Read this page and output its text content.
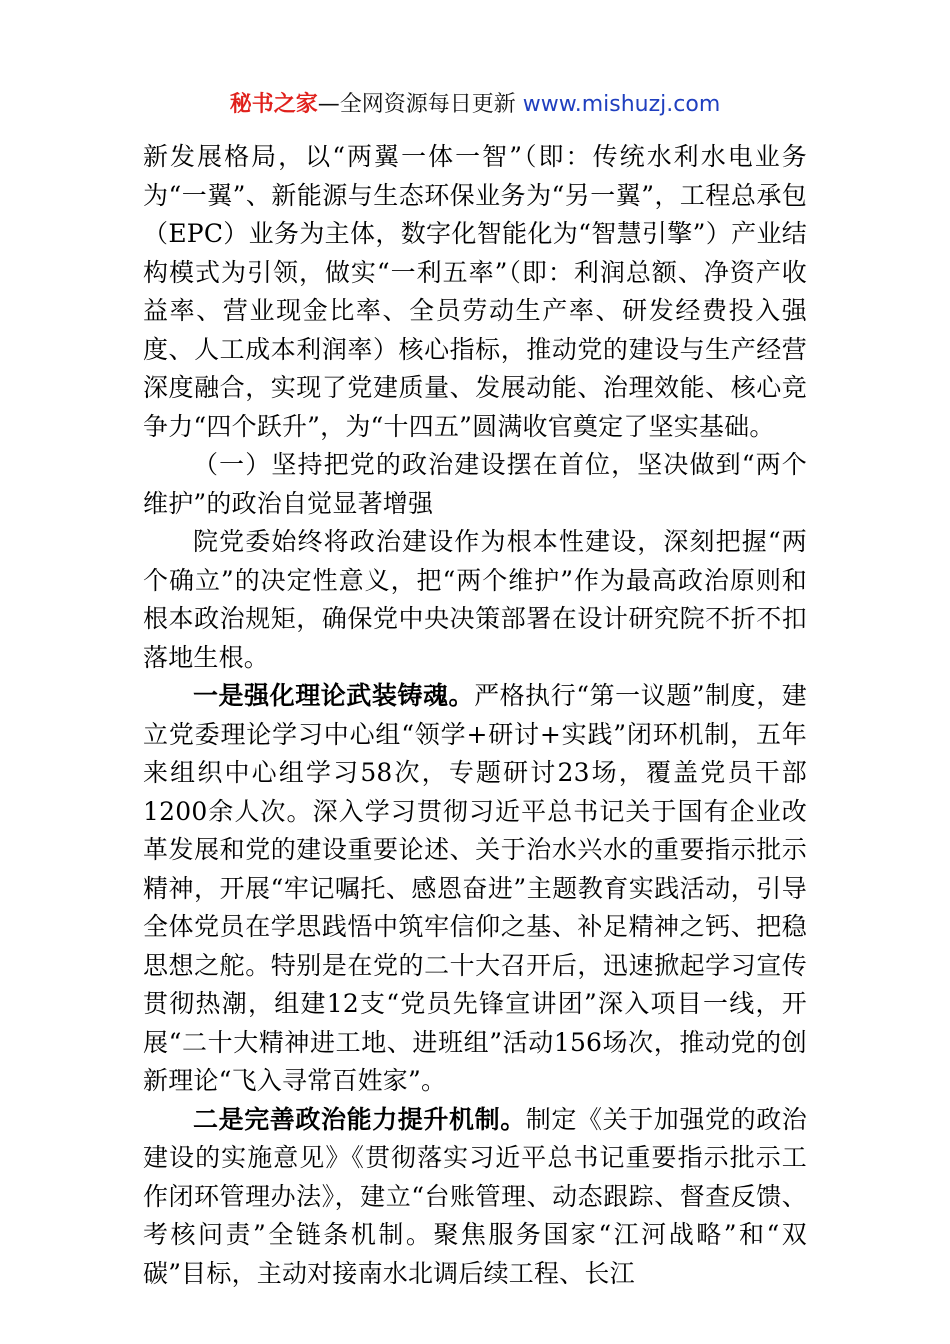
秘书之家—全网资源每日更新 www.mishuzj.com

新发展格局，以“两翼一体一智”（即：传统水利水电业务为“一翼”、新能源与生态环保业务为“另一翼”，工程总承包（EPC）业务为主体，数字化智能化为“智慧引擎”）产业结构模式为引领，做实“一利五率”（即：利润总额、净资产收益率、营业现金比率、全员劳动生产率、研发经费投入强度、人工成本利润率）核心指标，推动党的建设与生产经营深度融合，实现了党建质量、发展动能、治理效能、核心竞争力“四个跃升”，为“十四五”圆满收官奠定了坚实基础。

（一）坚持把党的政治建设摆在首位，坚决做到“两个维护”的政治自觉显著增强

院党委始终将政治建设作为根本性建设，深刻把握“两个确立”的决定性意义，把“两个维护”作为最高政治原则和根本政治规矩，确保党中央决策部署在设计研究院不折不扣落地生根。

一是强化理论武装铸魂。严格执行“第一议题”制度，建立党委理论学习中心组“领学+研讨+实践”闭环机制，五年来组织中心组学习58次，专题研讨23场，覆盖党员干部1200余人次。深入学习贯彻习近平总书记关于国有企业改革发展和党的建设重要论述、关于治水兴水的重要指示批示精神，开展“牢记嘱托、感恩奋进”主题教育实践活动，引导全体党员在学思践悟中筑牢信仰之基、补足精神之钙、把稳思想之舵。特别是在党的二十大召开后，迅速掀起学习宣传贯彻热潮，组建12支“党员先锋宣讲团”深入项目一线，开展“二十大精神进工地、进班组”活动156场次，推动党的创新理论“飞入寻常百姓家”。

二是完善政治能力提升机制。制定《关于加强党的政治建设的实施意见》《贯彻落实习近平总书记重要指示批示工作闭环管理办法》，建立“台账管理、动态跟踪、督查反馈、考核问责”全链条机制。聚焦服务国家“江河战略”和“双碳”目标，主动对接南水北调后续工程、长江
